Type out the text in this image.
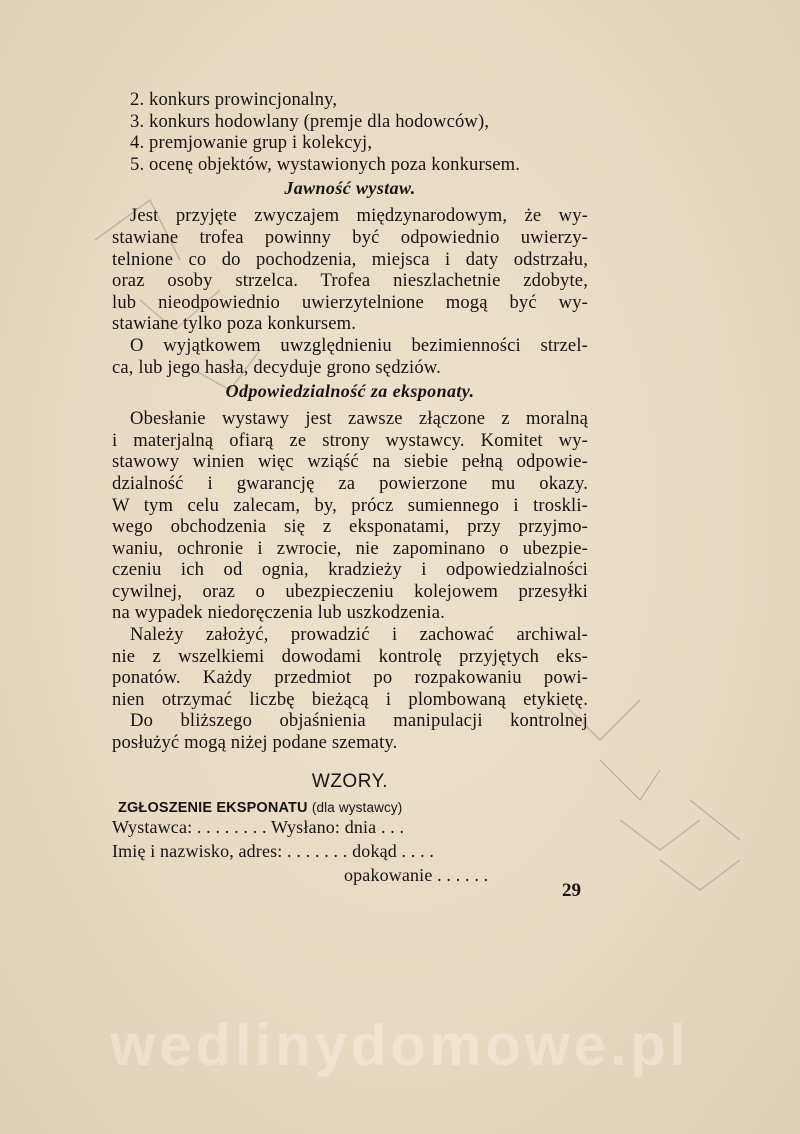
2. konkurs prowincjonalny,
3. konkurs hodowlany (premje dla hodowców),
4. premjowanie grup i kolekcyj,
5. ocenę objektów, wystawionych poza konkursem.
Jawność wystaw.
Jest przyjęte zwyczajem międzynarodowym, że wy-
stawiane trofea powinny być odpowiednio uwierzy-
telnione co do pochodzenia, miejsca i daty odstrzału,
oraz osoby strzelca. Trofea nieszlachetnie zdobyte,
lub nieodpowiednio uwierzytelnione mogą być wy-
stawiane tylko poza konkursem.
O wyjątkowem uwzględnieniu bezimienności strzel-
ca, lub jego hasła, decyduje grono sędziów.
Odpowiedzialność za eksponaty.
Obesłanie wystawy jest zawsze złączone z moralną
i materjalną ofiarą ze strony wystawcy. Komitet wy-
stawowy winien więc wziąść na siebie pełną odpowie-
dzialność i gwarancję za powierzone mu okazy.
W tym celu zalecam, by, prócz sumiennego i troskli-
wego obchodzenia się z eksponatami, przy przyjmo-
waniu, ochronie i zwrocie, nie zapominano o ubezpie-
czeniu ich od ognia, kradzieży i odpowiedzialności
cywilnej, oraz o ubezpieczeniu kolejowem przesyłki
na wypadek niedoręczenia lub uszkodzenia.
Należy założyć, prowadzić i zachować archiwal-
nie z wszelkiemi dowodami kontrolę przyjętych eks-
ponatów. Każdy przedmiot po rozpakowaniu powi-
nien otrzymać liczbę bieżącą i plombowaną etykietę.
Do bliższego objaśnienia manipulacji kontrolnej
posłużyć mogą niżej podane szematy.
WZORY.
ZGŁOSZENIE EKSPONATU (dla wystawcy)
Wystawca: . . . . . . . . Wysłano: dnia . . .
Imię i nazwisko, adres: . . . . . . . dokąd . . . .
opakowanie . . . . . .
29
wedlinydomowe.pl
